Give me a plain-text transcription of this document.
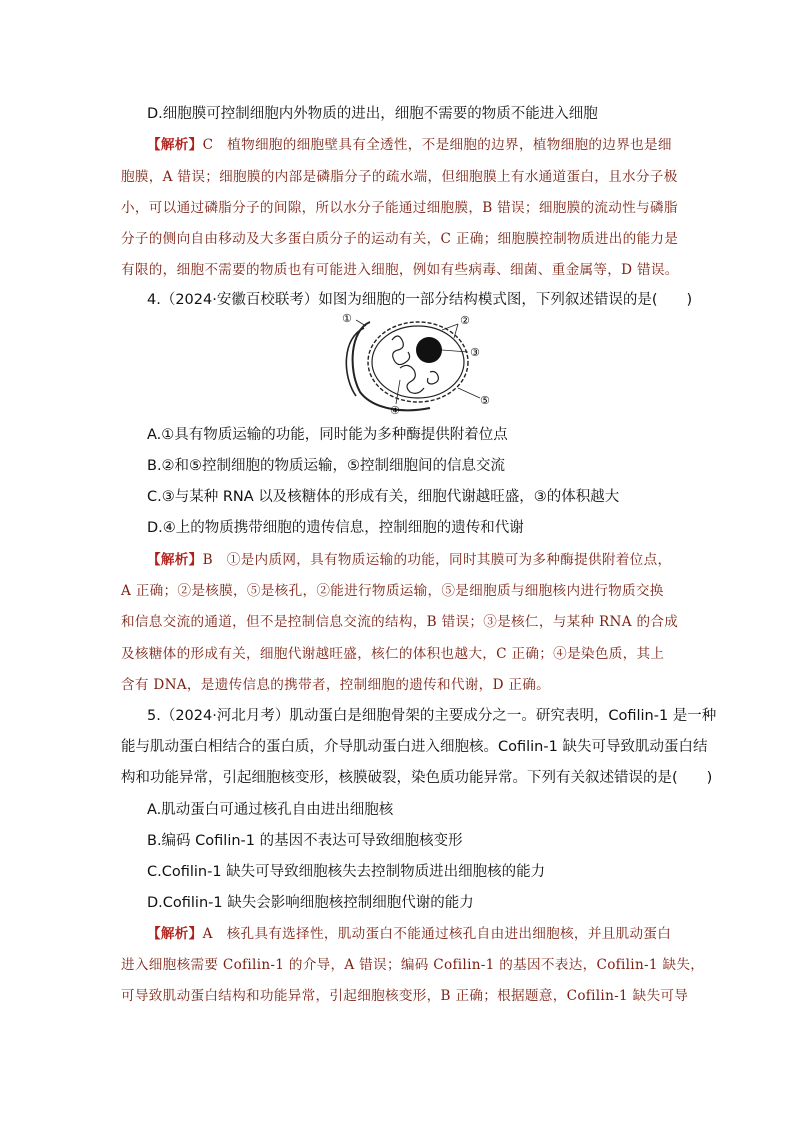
D.细胞膜可控制细胞内外物质的进出，细胞不需要的物质不能进入细胞
【解析】C　植物细胞的细胞壁具有全透性，不是细胞的边界，植物细胞的边界也是细
胞膜，A 错误；细胞膜的内部是磷脂分子的疏水端，但细胞膜上有水通道蛋白，且水分子极
小，可以通过磷脂分子的间隙，所以水分子能通过细胞膜，B 错误；细胞膜的流动性与磷脂
分子的侧向自由移动及大多蛋白质分子的运动有关，C 正确；细胞膜控制物质进出的能力是
有限的，细胞不需要的物质也有可能进入细胞，例如有些病毒、细菌、重金属等，D 错误。
4.（2024·安徽百校联考）如图为细胞的一部分结构模式图，下列叙述错误的是(　　)
A.①具有物质运输的功能，同时能为多种酶提供附着位点
B.②和⑤控制细胞的物质运输，⑤控制细胞间的信息交流
C.③与某种 RNA 以及核糖体的形成有关，细胞代谢越旺盛，③的体积越大
D.④上的物质携带细胞的遗传信息，控制细胞的遗传和代谢
【解析】B　①是内质网，具有物质运输的功能，同时其膜可为多种酶提供附着位点，
A 正确；②是核膜，⑤是核孔，②能进行物质运输，⑤是细胞质与细胞核内进行物质交换
和信息交流的通道，但不是控制信息交流的结构，B 错误；③是核仁，与某种 RNA 的合成
及核糖体的形成有关，细胞代谢越旺盛，核仁的体积也越大，C 正确；④是染色质，其上
含有 DNA，是遗传信息的携带者，控制细胞的遗传和代谢，D 正确。
5.（2024·河北月考）肌动蛋白是细胞骨架的主要成分之一。研究表明，Cofilin-1 是一种
能与肌动蛋白相结合的蛋白质，介导肌动蛋白进入细胞核。Cofilin-1 缺失可导致肌动蛋白结
构和功能异常，引起细胞核变形，核膜破裂，染色质功能异常。下列有关叙述错误的是(　　)
A.肌动蛋白可通过核孔自由进出细胞核
B.编码 Cofilin-1 的基因不表达可导致细胞核变形
C.Cofilin-1 缺失可导致细胞核失去控制物质进出细胞核的能力
D.Cofilin-1 缺失会影响细胞核控制细胞代谢的能力
【解析】A　核孔具有选择性，肌动蛋白不能通过核孔自由进出细胞核，并且肌动蛋白
进入细胞核需要 Cofilin-1 的介导，A 错误；编码 Cofilin-1 的基因不表达，Cofilin-1 缺失，
可导致肌动蛋白结构和功能异常，引起细胞核变形，B 正确；根据题意，Cofilin-1 缺失可导
①	②
③
④
⑤
